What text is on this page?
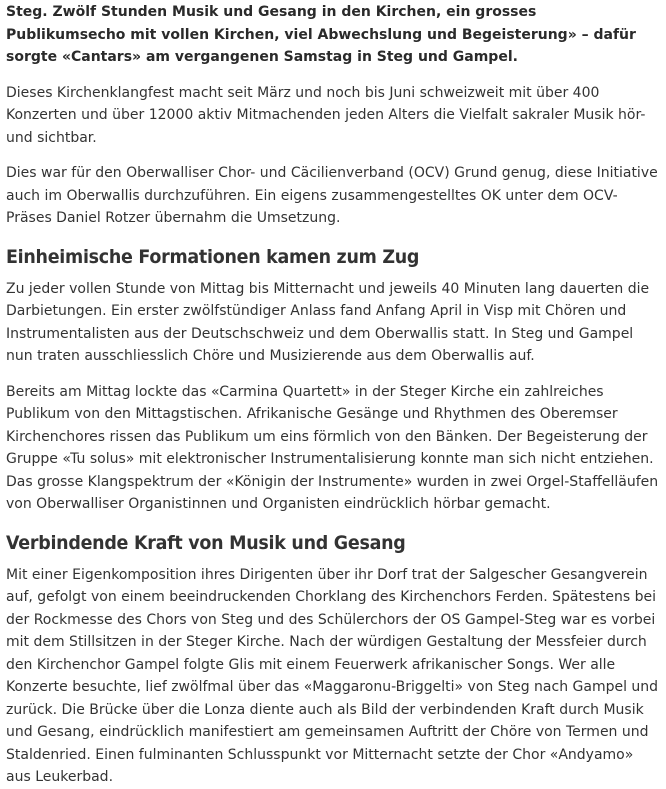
Steg. Zwölf Stunden Musik und Gesang in den Kirchen, ein grosses Publikumsecho mit vollen Kirchen, viel Abwechslung und Begeisterung» – dafür sorgte «Cantars» am vergangenen Samstag in Steg und Gampel.

Dieses Kirchenklangfest macht seit März und noch bis Juni schweizweit mit über 400 Konzerten und über 12000 aktiv Mitmachenden jeden Alters die Vielfalt sakraler Musik hör- und sichtbar.

Dies war für den Oberwalliser Chor- und Cäcilienverband (OCV) Grund genug, diese Initiative auch im Oberwallis durchzuführen. Ein eigens zusammengestelltes OK unter dem OCV-Präses Daniel Rotzer übernahm die Umsetzung.

Einheimische Formationen kamen zum Zug

Zu jeder vollen Stunde von Mittag bis Mitternacht und jeweils 40 Minuten lang dauerten die Darbietungen. Ein erster zwölfstündiger Anlass fand Anfang April in Visp mit Chören und Instrumentalisten aus der Deutschschweiz und dem Oberwallis statt. In Steg und Gampel nun traten ausschliesslich Chöre und Musizierende aus dem Oberwallis auf.

Bereits am Mittag lockte das «Carmina Quartett» in der Steger Kirche ein zahlreiches Publikum von den Mittagstischen. Afrikanische Gesänge und Rhythmen des Oberemser Kirchenchores rissen das Publikum um eins förmlich von den Bänken. Der Begeisterung der Gruppe «Tu solus» mit elektronischer Instrumentalisierung konnte man sich nicht entziehen. Das grosse Klangspektrum der «Königin der Instrumente» wurden in zwei Orgel-Staffelläufen von Oberwalliser Organistinnen und Organisten eindrücklich hörbar gemacht.

Verbindende Kraft von Musik und Gesang

Mit einer Eigenkomposition ihres Dirigenten über ihr Dorf trat der Salgescher Gesangverein auf, gefolgt von einem beeindruckenden Chorklang des Kirchenchors Ferden. Spätestens bei der Rockmesse des Chors von Steg und des Schülerchors der OS Gampel-Steg war es vorbei mit dem Stillsitzen in der Steger Kirche. Nach der würdigen Gestaltung der Messfeier durch den Kirchenchor Gampel folgte Glis mit einem Feuerwerk afrikanischer Songs. Wer alle Konzerte besuchte, lief zwölfmal über das «Maggaronu-Briggelti» von Steg nach Gampel und zurück. Die Brücke über die Lonza diente auch als Bild der verbindenden Kraft durch Musik und Gesang, eindrücklich manifestiert am gemeinsamen Auftritt der Chöre von Termen und Staldenried. Einen fulminanten Schlusspunkt vor Mitternacht setzte der Chor «Andyamo» aus Leukerbad.
